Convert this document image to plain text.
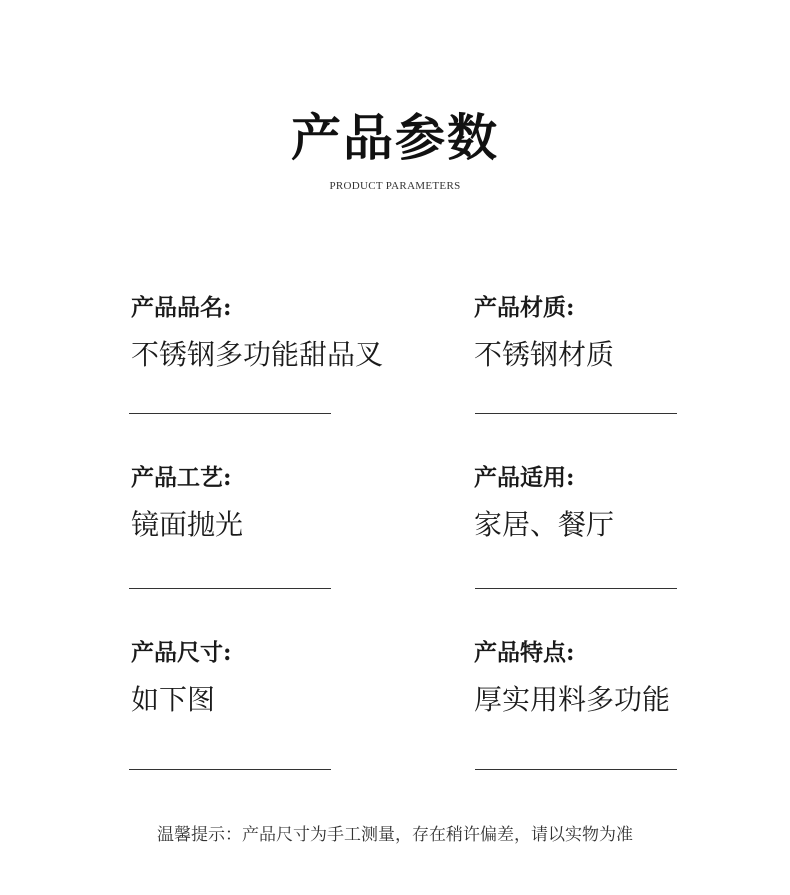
产品参数
PRODUCT PARAMETERS
产品品名:
不锈钢多功能甜品叉
产品材质:
不锈钢材质
产品工艺:
镜面抛光
产品适用:
家居、餐厅
产品尺寸:
如下图
产品特点:
厚实用料多功能
温馨提示：产品尺寸为手工测量，存在稍许偏差，请以实物为准
